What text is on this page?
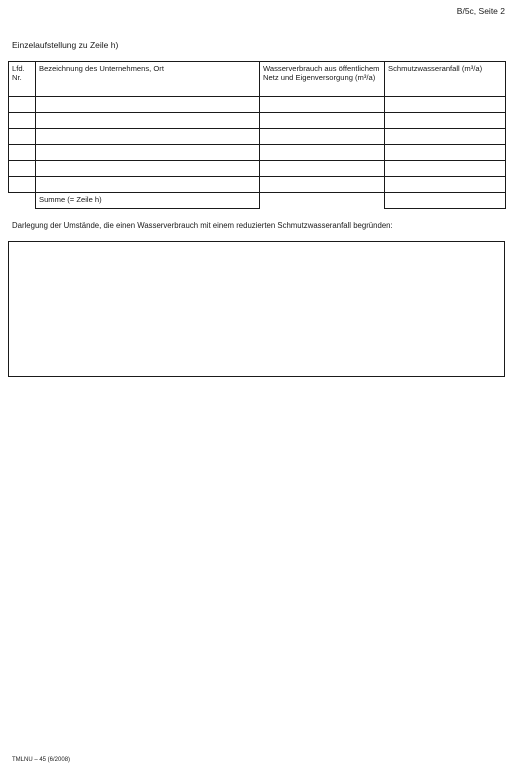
B/5c, Seite 2
Einzelaufstellung zu Zeile h)
Lfd. Nr.	Bezeichnung des Unternehmens, Ort	Wasserverbrauch aus öffentlichem Netz und Eigenversorgung (m³/a)	Schmutzwasseranfall (m³/a)

	Summe (= Zeile h)		
Darlegung der Umstände, die einen Wasserverbrauch mit einem reduzierten Schmutzwasseranfall begründen:
TMLNU – 45 (6/2008)
